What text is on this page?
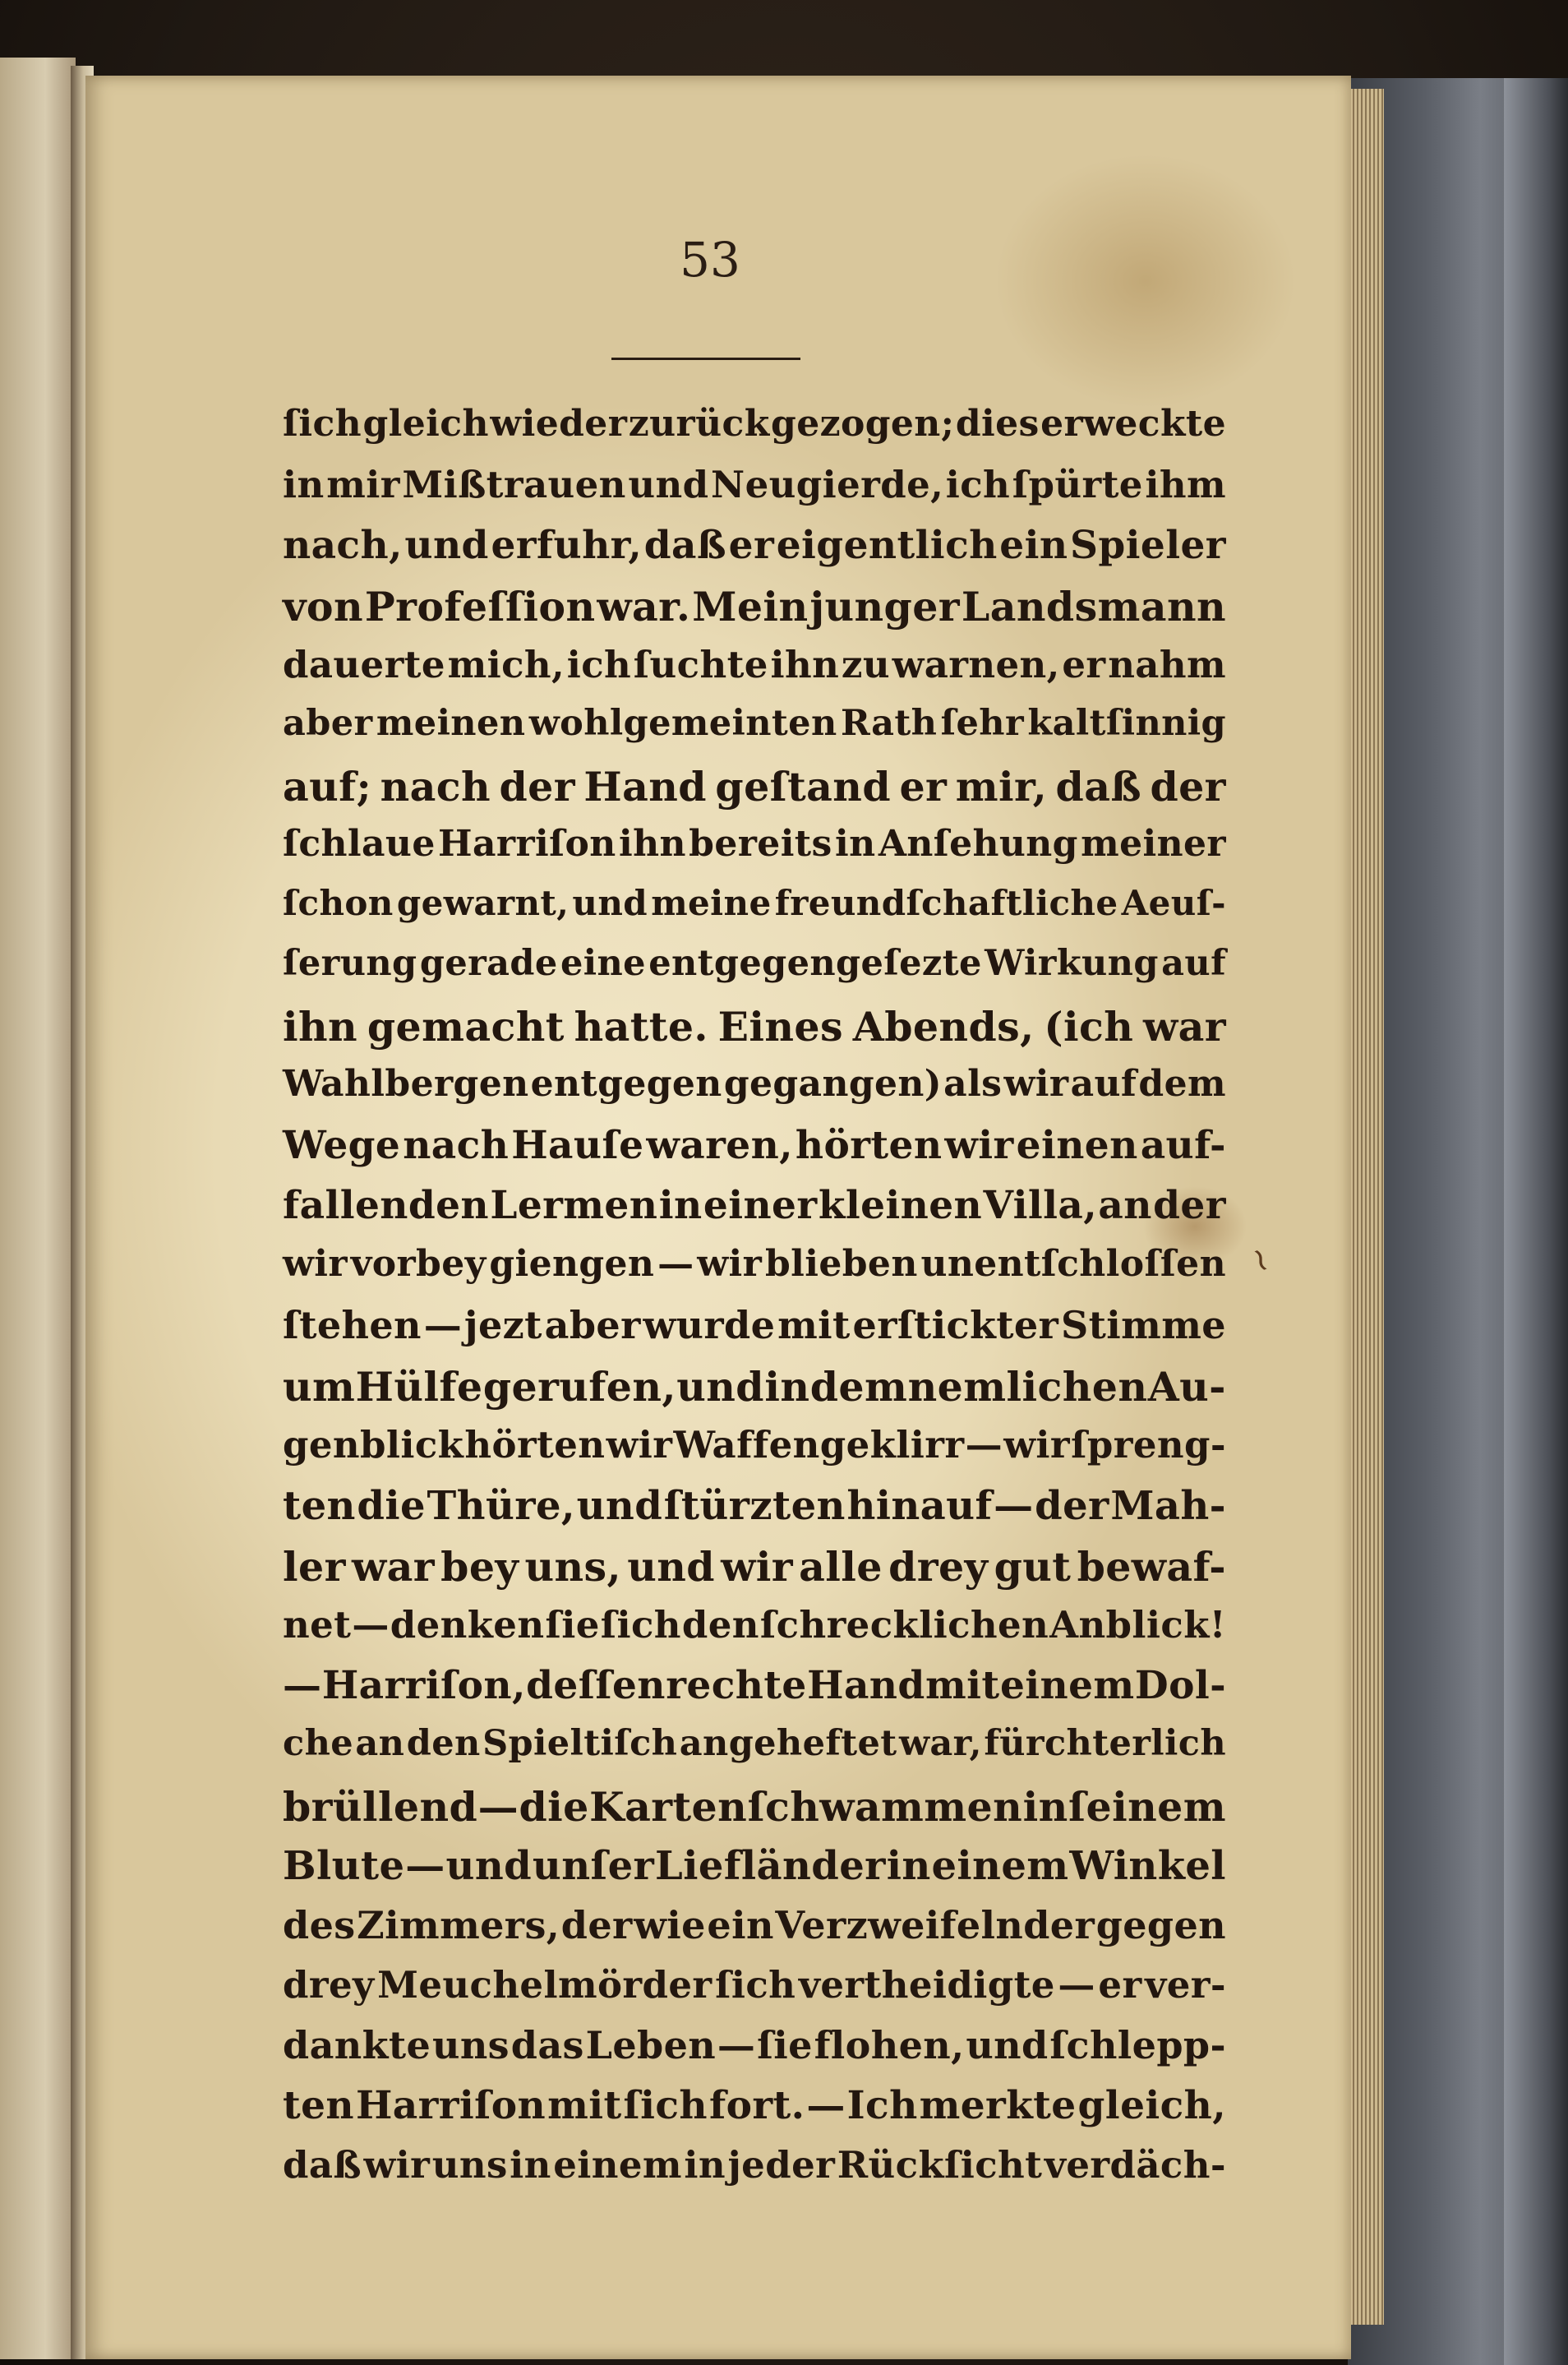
53
ſich gleich wieder zurück gezogen; dies erweckte
in mir Mißtrauen und Neugierde, ich ſpürte ihm
nach, und erfuhr, daß er eigentlich ein Spieler
von Profeſſion war. Mein junger Landsmann
dauerte mich, ich ſuchte ihn zu warnen, er nahm
aber meinen wohlgemeinten Rath ſehr kaltſinnig
auf; nach der Hand geſtand er mir, daß der
ſchlaue Harriſon ihn bereits in Anſehung meiner
ſchon gewarnt, und meine freundſchaftliche Aeuſ-
ſerung gerade eine entgegengeſezte Wirkung auf
ihn gemacht hatte. Eines Abends, (ich war
Wahlbergen entgegen gegangen) als wir auf dem
Wege nach Hauſe waren, hörten wir einen auf-
fallenden Lermen in einer kleinen Villa, an der
wir vorbey giengen — wir blieben unentſchloſſen
ſtehen — jezt aber wurde mit erſtickter Stimme
um Hülfe gerufen, und in dem nemlichen Au-
genblick hörten wir Waffengeklirr — wir ſpreng-
ten die Thüre, und ſtürzten hinauf — der Mah-
ler war bey uns, und wir alle drey gut bewaf-
net — denken ſie ſich den ſchrecklichen Anblick!
— Harriſon, deſſen rechte Hand mit einem Dol-
che an den Spieltiſch angeheftet war, fürchterlich
brüllend — die Karten ſchwammen in ſeinem
Blute — und unſer Liefländer in einem Winkel
des Zimmers, der wie ein Verzweifelnder gegen
drey Meuchelmörder ſich vertheidigte — er ver-
dankte uns das Leben — ſie flohen, und ſchlepp-
ten Harriſon mit ſich fort. — Ich merkte gleich,
daß wir uns in einem in jeder Rückſicht verdäch-
≀
